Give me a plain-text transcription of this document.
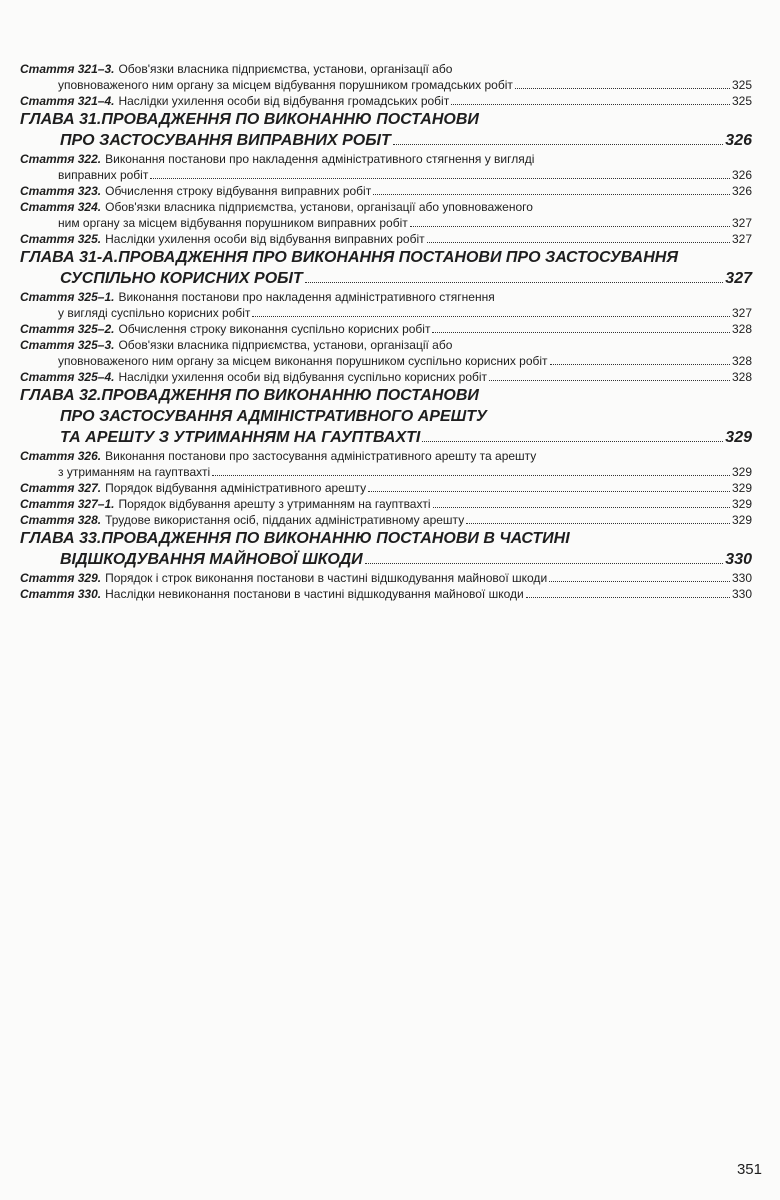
Стаття 321–3. Обов'язки власника підприємства, установи, організації або
уповноваженого ним органу за місцем відбування порушником громадських робіт	325
Стаття 321–4. Наслідки ухилення особи від відбування громадських робіт	325
ГЛАВА 31. ПРОВАДЖЕННЯ ПО ВИКОНАННЮ ПОСТАНОВИ
ПРО ЗАСТОСУВАННЯ ВИПРАВНИХ РОБІТ	326
Стаття 322. Виконання постанови про накладення адміністративного стягнення у вигляді
виправних робіт	326
Стаття 323. Обчислення строку відбування виправних робіт	326
Стаття 324. Обов'язки власника підприємства, установи, організації або уповноваженого
ним органу за місцем відбування порушником виправних робіт	327
Стаття 325. Наслідки ухилення особи від відбування виправних робіт	327
ГЛАВА 31-А. ПРОВАДЖЕННЯ ПРО ВИКОНАННЯ ПОСТАНОВИ ПРО ЗАСТОСУВАННЯ
СУСПІЛЬНО КОРИСНИХ РОБІТ	327
Стаття 325–1. Виконання постанови про накладення адміністративного стягнення
у вигляді суспільно корисних робіт	327
Стаття 325–2. Обчислення строку виконання суспільно корисних робіт	328
Стаття 325–3. Обов'язки власника підприємства, установи, організації або
уповноваженого ним органу за місцем виконання порушником суспільно корисних робіт	328
Стаття 325–4. Наслідки ухилення особи від відбування суспільно корисних робіт	328
ГЛАВА 32. ПРОВАДЖЕННЯ ПО ВИКОНАННЮ ПОСТАНОВИ
ПРО ЗАСТОСУВАННЯ АДМІНІСТРАТИВНОГО АРЕШТУ
ТА АРЕШТУ З УТРИМАННЯМ НА ГАУПТВАХТІ	329
Стаття 326. Виконання постанови про застосування адміністративного арешту та арешту
з утриманням на гауптвахті	329
Стаття 327. Порядок відбування адміністративного арешту	329
Стаття 327–1. Порядок відбування арешту з утриманням на гауптвахті	329
Стаття 328. Трудове використання осіб, підданих адміністративному арешту	329
ГЛАВА 33. ПРОВАДЖЕННЯ ПО ВИКОНАННЮ ПОСТАНОВИ В ЧАСТИНІ
ВІДШКОДУВАННЯ МАЙНОВОЇ ШКОДИ	330
Стаття 329. Порядок і строк виконання постанови в частині відшкодування майнової шкоди	330
Стаття 330. Наслідки невиконання постанови в частині відшкодування майнової шкоди	330
351
